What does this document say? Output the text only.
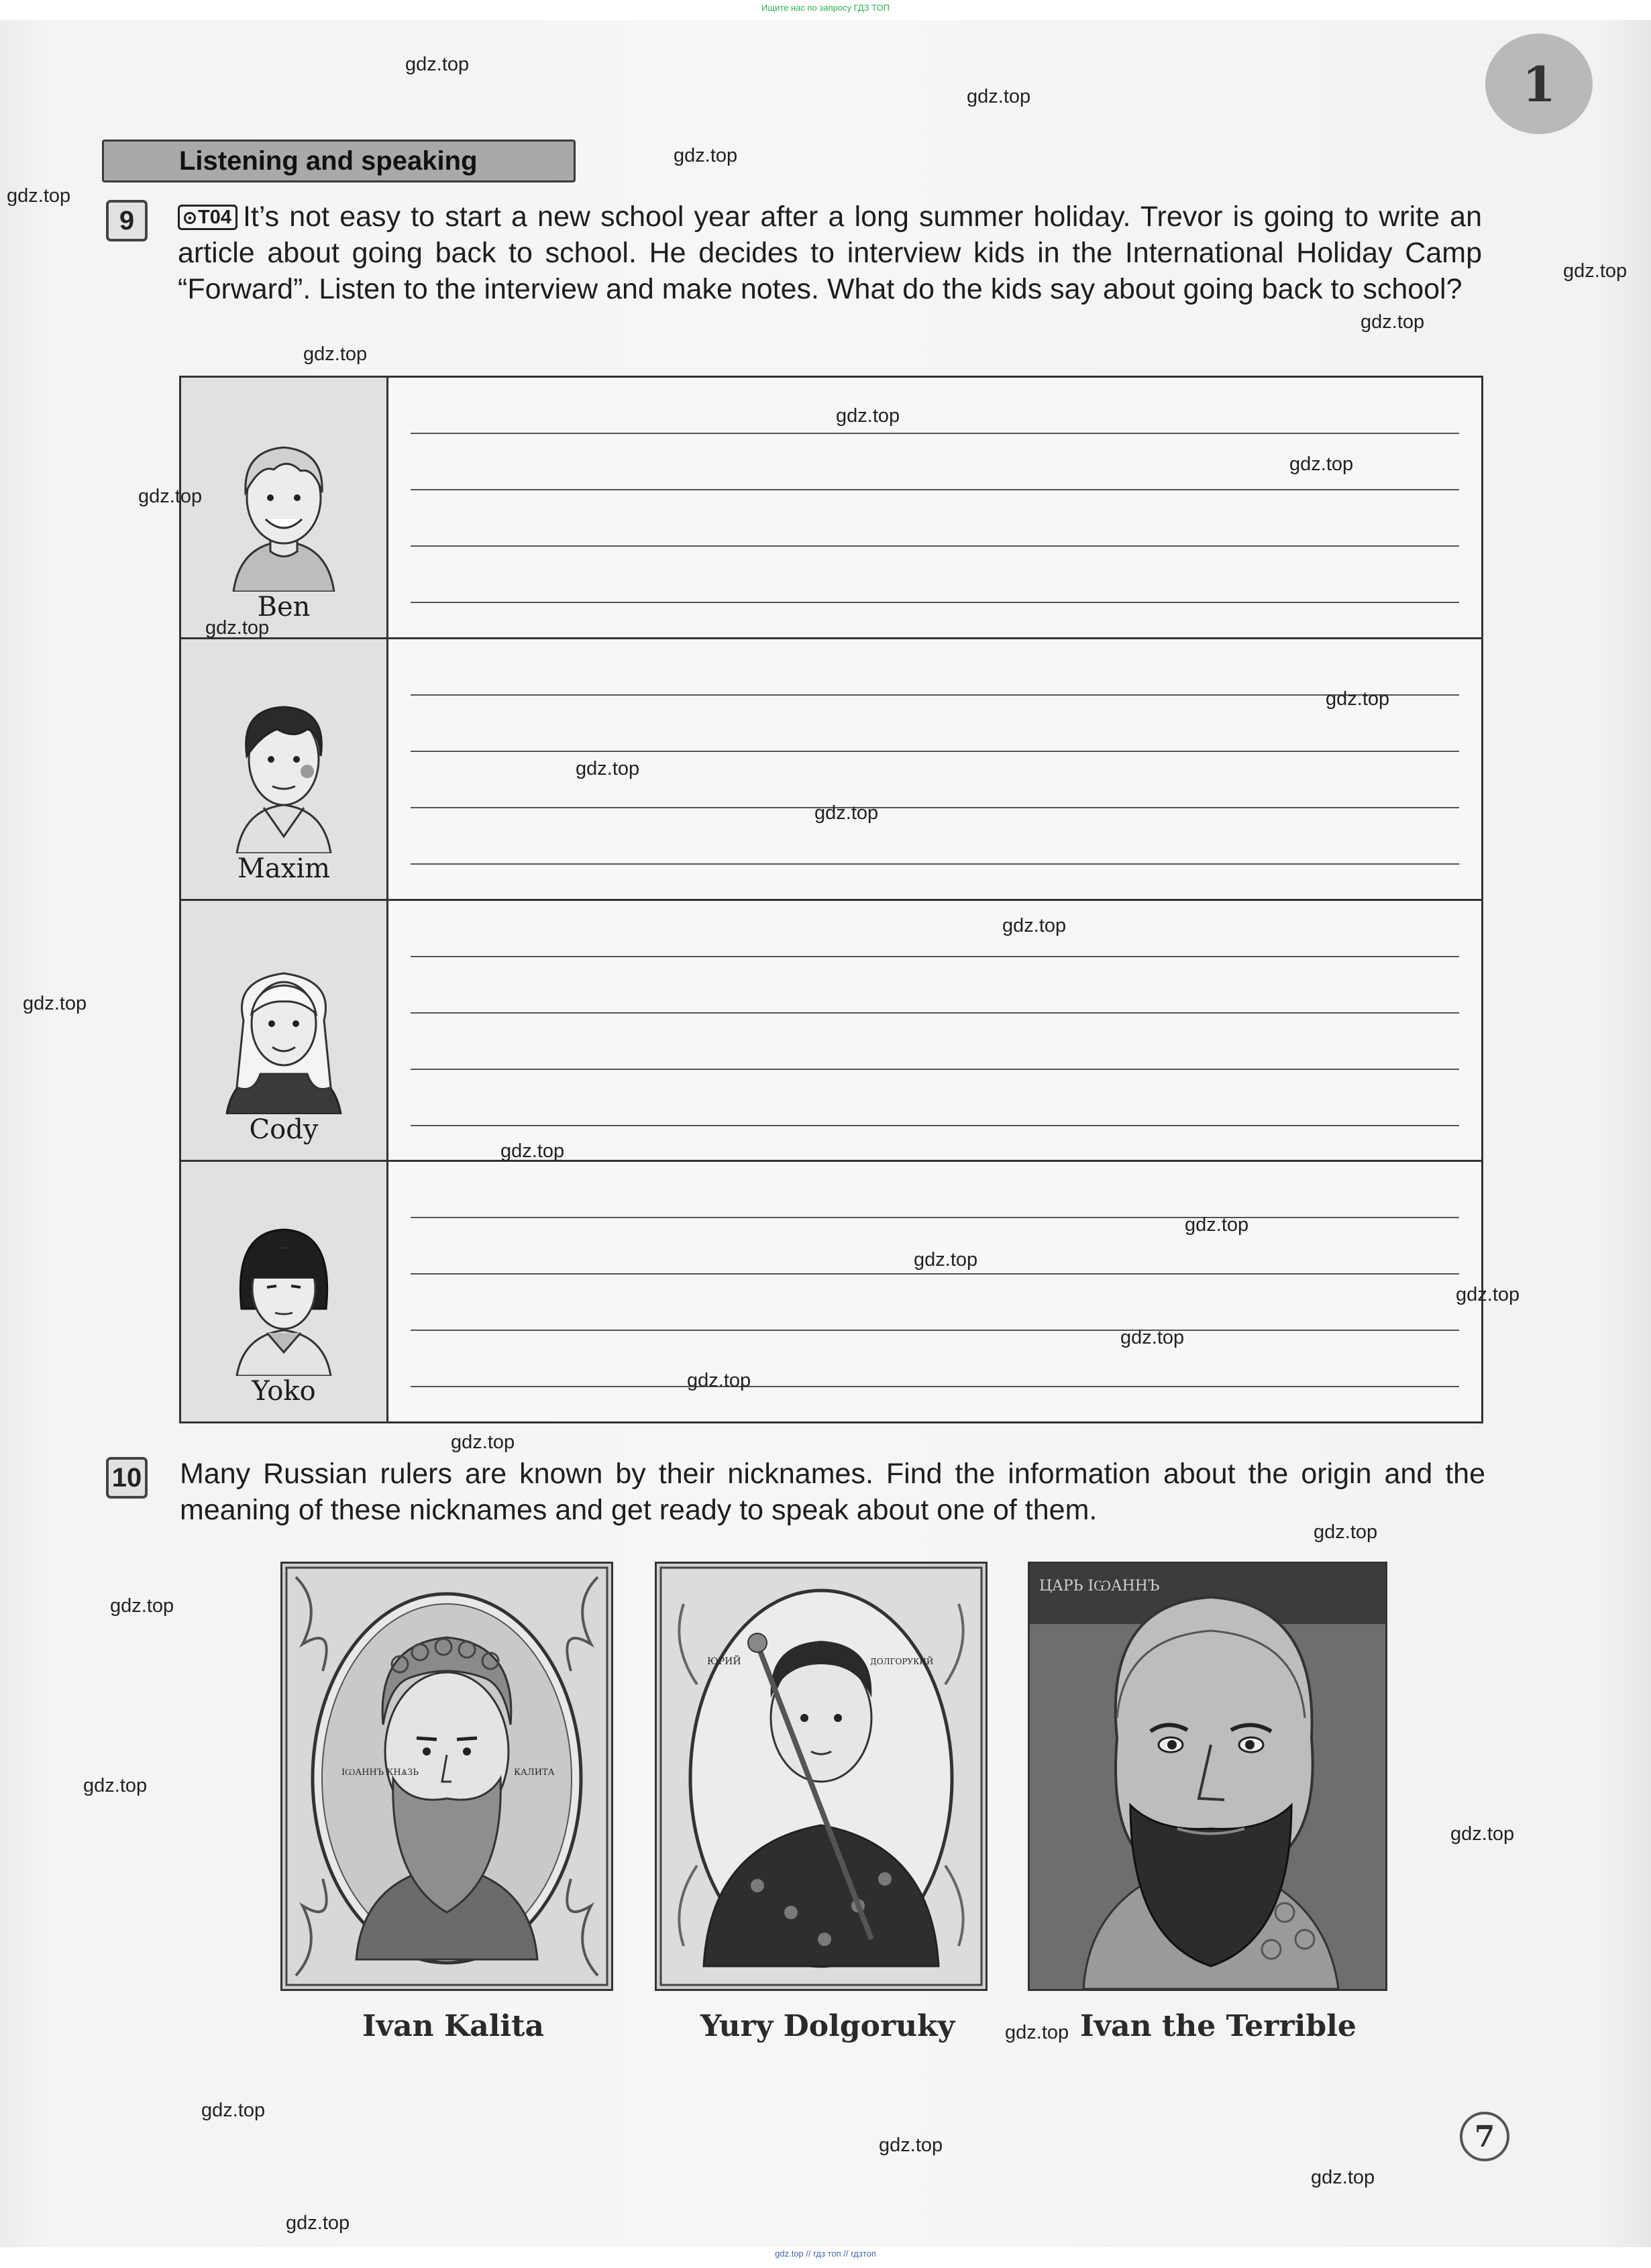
Ищите нас по запросу ГДЗ ТОП
1
Listening and speaking
9	T04 It’s not easy to start a new school year after a long summer holiday. Trevor is going to write an article about going back to school. He decides to interview kids in the International Holiday Camp “Forward”. Listen to the interview and make notes. What do the kids say about going back to school?
Ben	

Maxim	

Cody	

Yoko	

10 Many Russian rulers are known by their nicknames. Find the information about the origin and the meaning of these nicknames and get ready to speak about one of them.
ІѠАННЪ КНѦЗЬ	КАЛИТА
ЮРИЙ	ДОЛГОРУКИЙ
ЦАРЬ ІѠАННЪ
Ivan Kalita	Yury Dolgoruky	Ivan the Terrible
7
gdz.top
gdz.top
gdz.top
gdz.top
gdz.top
gdz.top
gdz.top
gdz.top
gdz.top
gdz.top
gdz.top
gdz.top
gdz.top
gdz.top
gdz.top
gdz.top
gdz.top
gdz.top
gdz.top
gdz.top
gdz.top
gdz.top
gdz.top
gdz.top
gdz.top
gdz.top
gdz.top
gdz.top
gdz.top
gdz.top
gdz.top
gdz.top
gdz.top // гдз топ // гдзтоп
